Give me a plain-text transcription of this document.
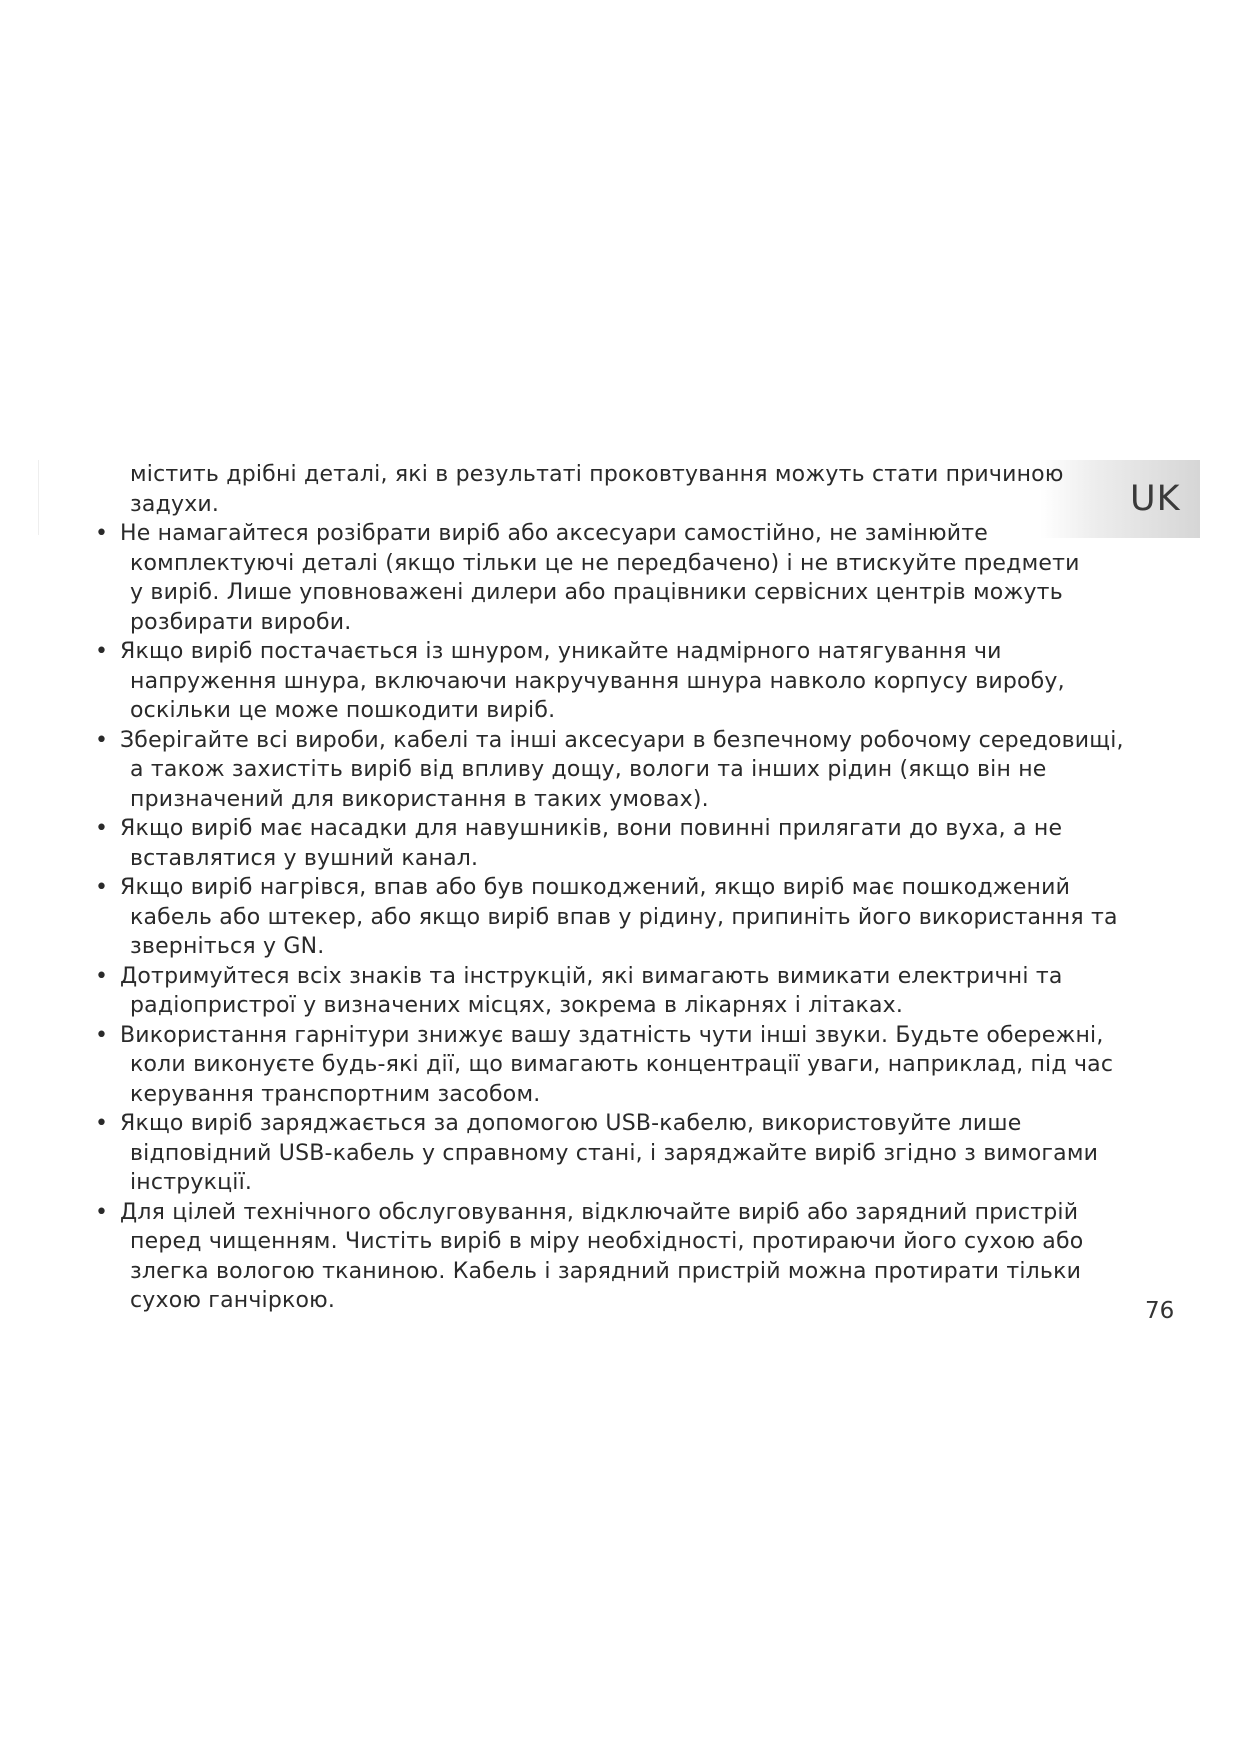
UK

містить дрібні деталі, які в результаті проковтування можуть стати причиною
задухи.

• Не намагайтеся розібрати виріб або аксесуари самостійно, не замінюйте
комплектуючі деталі (якщо тільки це не передбачено) і не втискуйте предмети
у виріб. Лише уповноважені дилери або працівники сервісних центрів можуть
розбирати вироби.
• Якщо виріб постачається із шнуром, уникайте надмірного натягування чи
напруження шнура, включаючи накручування шнура навколо корпусу виробу,
оскільки це може пошкодити виріб.
• Зберігайте всі вироби, кабелі та інші аксесуари в безпечному робочому середовищі,
а також захистіть виріб від впливу дощу, вологи та інших рідин (якщо він не
призначений для використання в таких умовах).
• Якщо виріб має насадки для навушників, вони повинні прилягати до вуха, а не
вставлятися у вушний канал.
• Якщо виріб нагрівся, впав або був пошкоджений, якщо виріб має пошкоджений
кабель або штекер, або якщо виріб впав у рідину, припиніть його використання та
зверніться у GN.
• Дотримуйтеся всіх знаків та інструкцій, які вимагають вимикати електричні та
радіопристрої у визначених місцях, зокрема в лікарнях і літаках.
• Використання гарнітури знижує вашу здатність чути інші звуки. Будьте обережні,
коли виконуєте будь-які дії, що вимагають концентрації уваги, наприклад, під час
керування транспортним засобом.
• Якщо виріб заряджається за допомогою USB-кабелю, використовуйте лише
відповідний USB-кабель у справному стані, і заряджайте виріб згідно з вимогами
інструкції.
• Для цілей технічного обслуговування, відключайте виріб або зарядний пристрій
перед чищенням. Чистіть виріб в міру необхідності, протираючи його сухою або
злегка вологою тканиною. Кабель і зарядний пристрій можна протирати тільки
сухою ганчіркою.	76
